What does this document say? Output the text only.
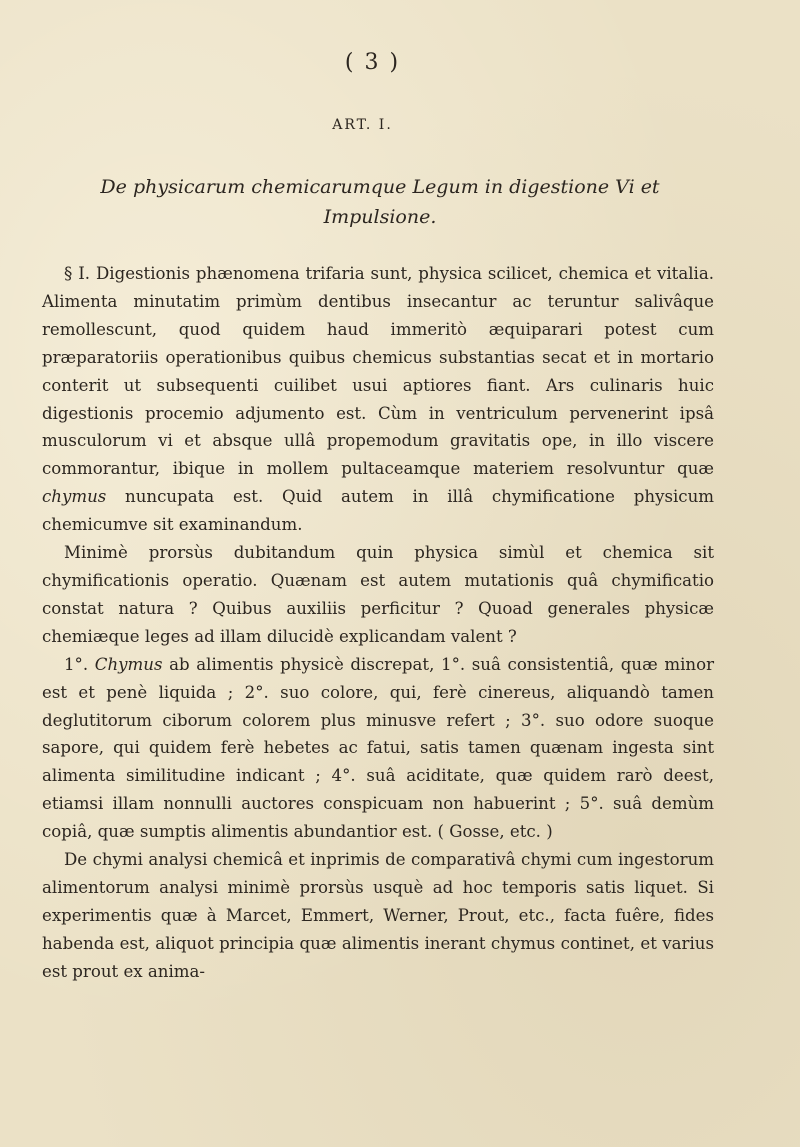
( 3 )
ART. I.
De physicarum chemicarumque Legum in digestione Vi et
Impulsione.

§ I. Digestionis phænomena trifaria sunt, physica scilicet, chemica et vitalia. Alimenta minutatim primùm dentibus insecantur ac teruntur salivâque remollescunt, quod quidem haud immeritò æquiparari potest cum præparatoriis operationibus quibus chemicus substantias secat et in mortario conterit ut subsequenti cuilibet usui aptiores fiant. Ars culinaris huic digestionis procemio adjumento est. Cùm in ventriculum pervenerint ipsâ musculorum vi et absque ullâ propemodum gravitatis ope, in illo viscere commorantur, ibique in mollem pultaceamque materiem resolvuntur quæ chymus nuncupata est. Quid autem in illâ chymificatione physicum chemicumve sit examinandum.

Minimè prorsùs dubitandum quin physica simùl et chemica sit chymificationis operatio. Quænam est autem mutationis quâ chymificatio constat natura ? Quibus auxiliis perficitur ? Quoad generales physicæ chemiæque leges ad illam dilucidè explicandam valent ?

1°. Chymus ab alimentis physicè discrepat, 1°. suâ consistentiâ, quæ minor est et penè liquida ; 2°. suo colore, qui, ferè cinereus, aliquandò tamen deglutitorum ciborum colorem plus minusve refert ; 3°. suo odore suoque sapore, qui quidem ferè hebetes ac fatui, satis tamen quænam ingesta sint alimenta similitudine indicant ; 4°. suâ aciditate, quæ quidem rarò deest, etiamsi illam nonnulli auctores conspicuam non habuerint ; 5°. suâ demùm copiâ, quæ sumptis alimentis abundantior est. ( Gosse, etc. )

De chymi analysi chemicâ et inprimis de comparativâ chymi cum ingestorum alimentorum analysi minimè prorsùs usquè ad hoc temporis satis liquet. Si experimentis quæ à Marcet, Emmert, Werner, Prout, etc., facta fuêre, fides habenda est, aliquot principia quæ alimentis inerant chymus continet, et varius est prout ex anima-
